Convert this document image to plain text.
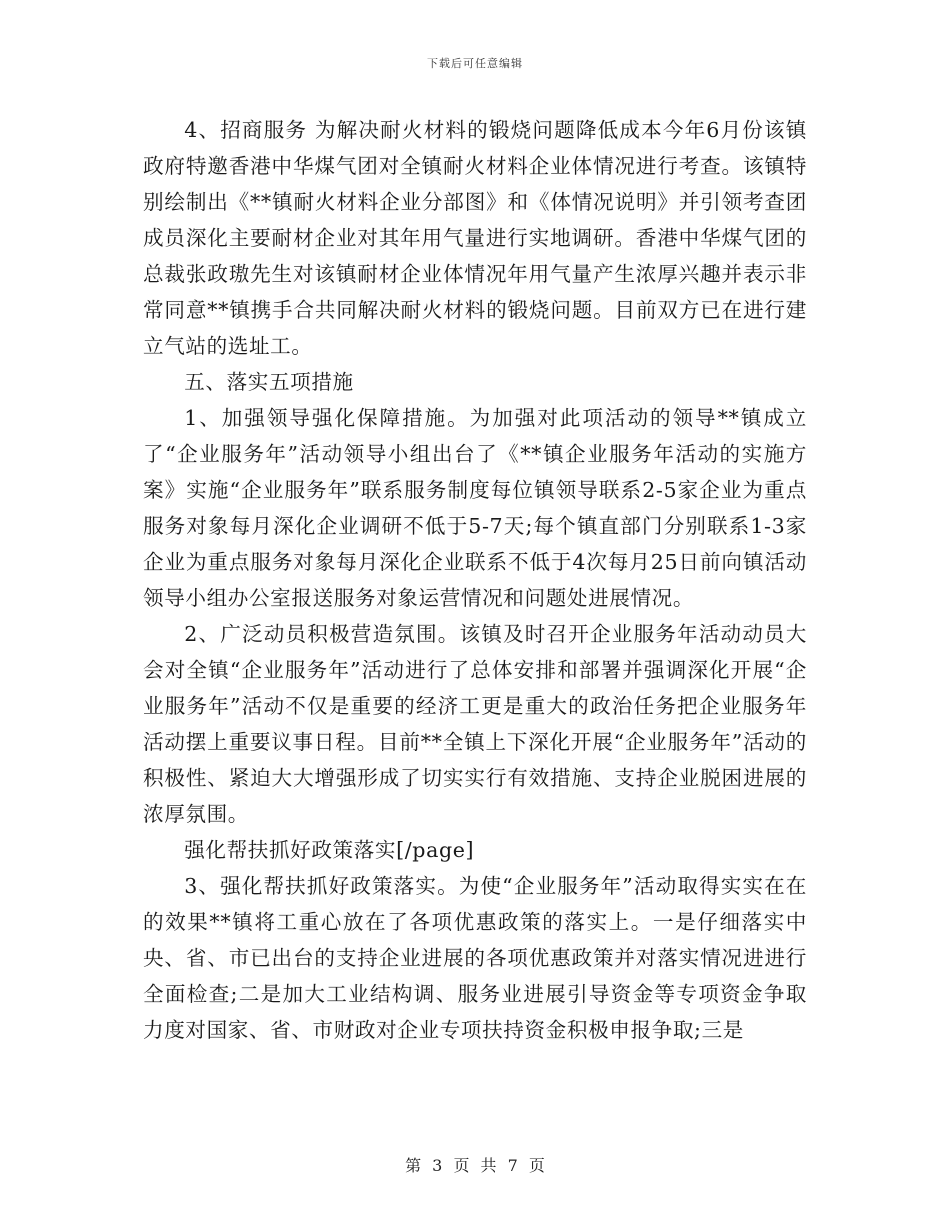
下载后可任意编辑

4、招商服务 为解决耐火材料的锻烧问题降低成本今年6月份该镇政府特邀香港中华煤气团对全镇耐火材料企业体情况进行考查。该镇特别绘制出《**镇耐火材料企业分部图》和《体情况说明》并引领考查团成员深化主要耐材企业对其年用气量进行实地调研。香港中华煤气团的总裁张政璈先生对该镇耐材企业体情况年用气量产生浓厚兴趣并表示非常同意**镇携手合共同解决耐火材料的锻烧问题。目前双方已在进行建立气站的选址工。

五、落实五项措施

1、加强领导强化保障措施。为加强对此项活动的领导**镇成立了“企业服务年”活动领导小组出台了《**镇企业服务年活动的实施方案》实施“企业服务年”联系服务制度每位镇领导联系2-5家企业为重点服务对象每月深化企业调研不低于5-7天;每个镇直部门分别联系1-3家企业为重点服务对象每月深化企业联系不低于4次每月25日前向镇活动领导小组办公室报送服务对象运营情况和问题处进展情况。

2、广泛动员积极营造氛围。该镇及时召开企业服务年活动动员大会对全镇“企业服务年”活动进行了总体安排和部署并强调深化开展“企业服务年”活动不仅是重要的经济工更是重大的政治任务把企业服务年活动摆上重要议事日程。目前**全镇上下深化开展“企业服务年”活动的积极性、紧迫大大增强形成了切实实行有效措施、支持企业脱困进展的浓厚氛围。

强化帮扶抓好政策落实[/page]

3、强化帮扶抓好政策落实。为使“企业服务年”活动取得实实在在的效果**镇将工重心放在了各项优惠政策的落实上。一是仔细落实中央、省、市已出台的支持企业进展的各项优惠政策并对落实情况进进行全面检查;二是加大工业结构调、服务业进展引导资金等专项资金争取力度对国家、省、市财政对企业专项扶持资金积极申报争取;三是

第 3 页 共 7 页
